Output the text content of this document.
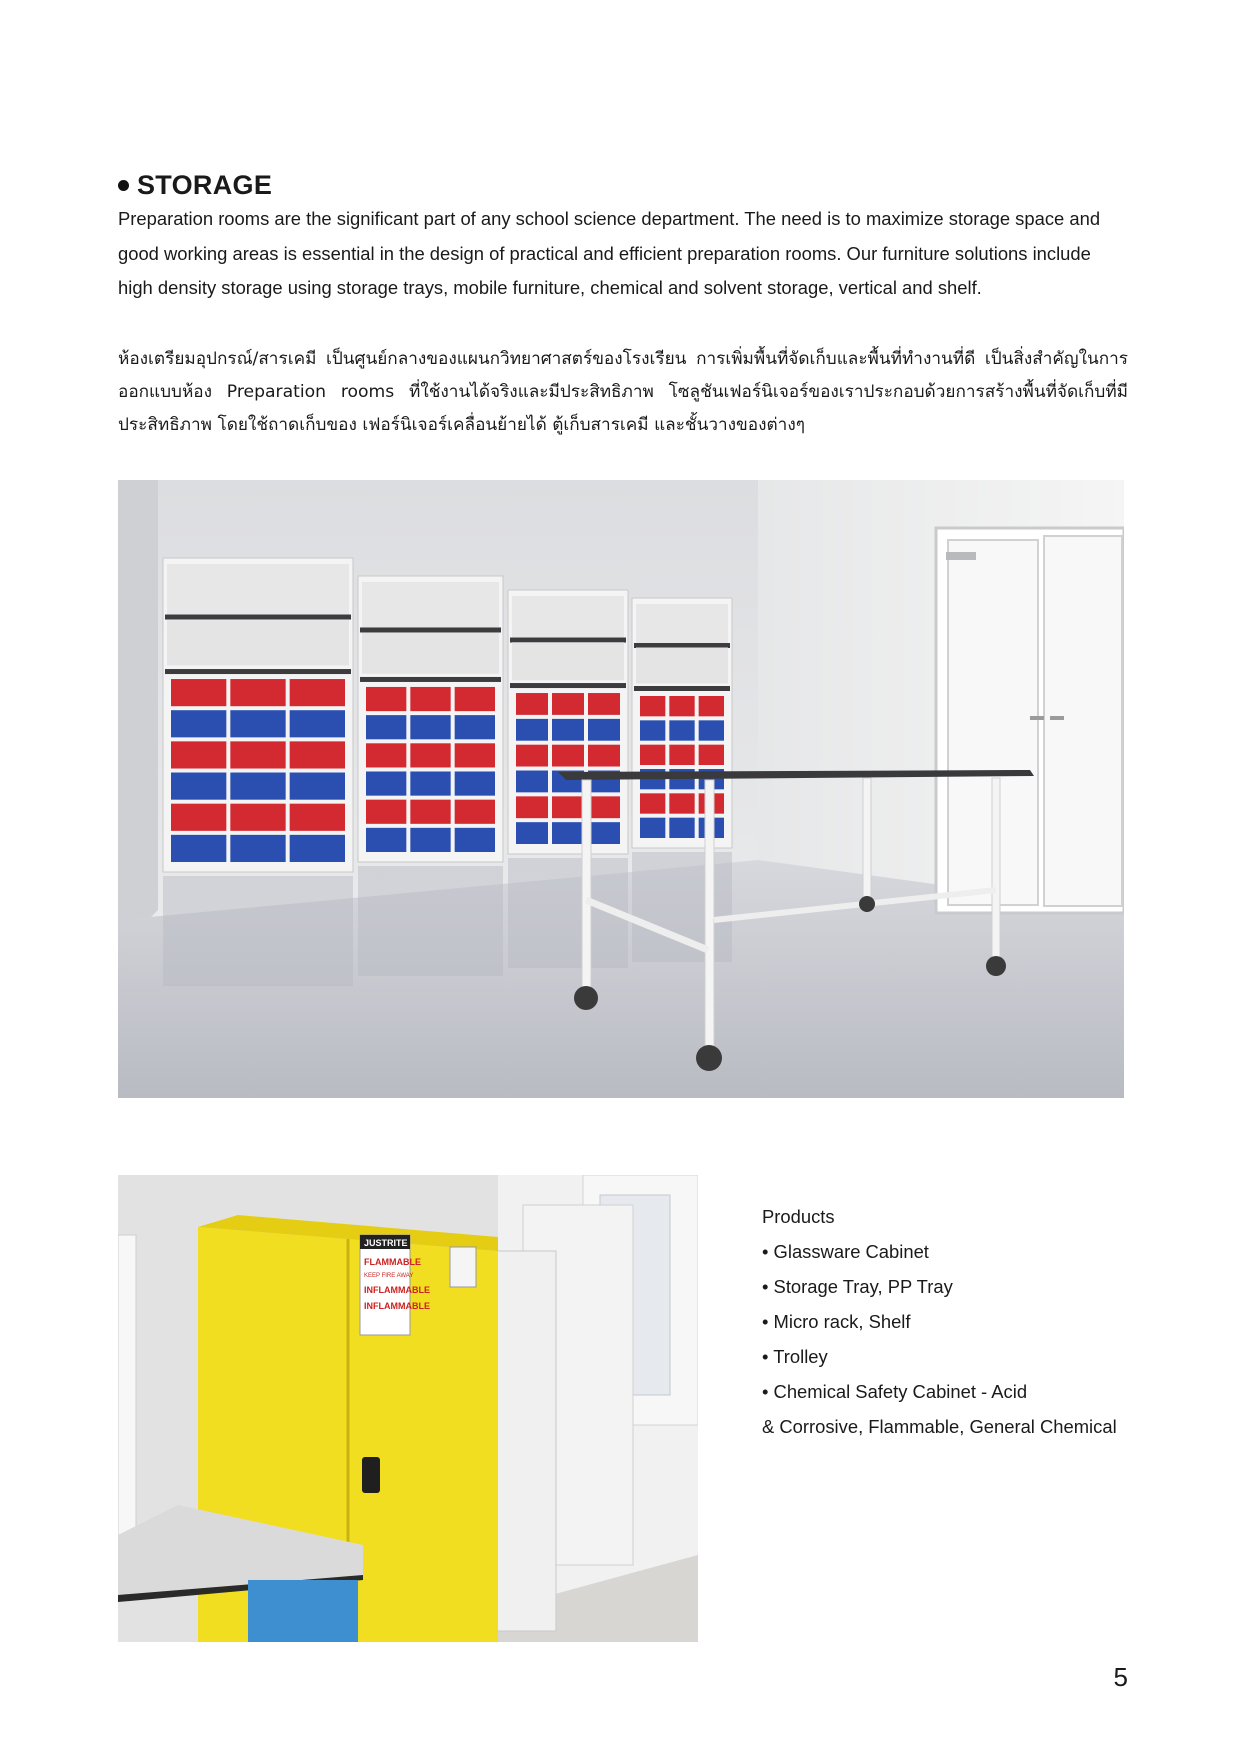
STORAGE
Preparation rooms are the significant part of any school science department. The need is to maximize storage space and good working areas is essential in the design of practical and efficient preparation rooms. Our furniture solutions include high density storage using storage trays, mobile furniture, chemical and solvent storage, vertical and shelf.
ห้องเตรียมอุปกรณ์/สารเคมี เป็นศูนย์กลางของแผนกวิทยาศาสตร์ของโรงเรียน การเพิ่มพื้นที่จัดเก็บและพื้นที่ทำงานที่ดี เป็นสิ่งสำคัญในการออกแบบห้อง Preparation rooms ที่ใช้งานได้จริงและมีประสิทธิภาพ โซลูชันเฟอร์นิเจอร์ของเราประกอบด้วยการสร้างพื้นที่จัดเก็บที่มีประสิทธิภาพ โดยใช้ถาดเก็บของ เฟอร์นิเจอร์เคลื่อนย้ายได้ ตู้เก็บสารเคมี และชั้นวางของต่างๆ
JUSTRITE
FLAMMABLE
KEEP FIRE AWAY
INFLAMMABLE
INFLAMMABLE
Products
• Glassware Cabinet
• Storage Tray, PP Tray
• Micro rack, Shelf
• Trolley
• Chemical Safety Cabinet - Acid
& Corrosive, Flammable, General Chemical
5
